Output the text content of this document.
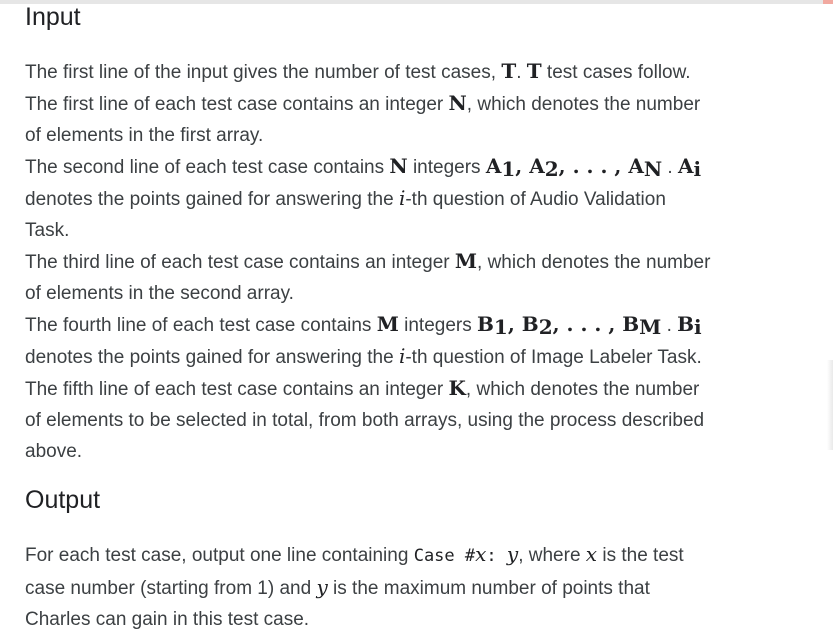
Input
The first line of the input gives the number of test cases, T. T test cases follow.
The first line of each test case contains an integer N, which denotes the number
of elements in the first array.
The second line of each test case contains N integers $A_1$, $A_2$, . . . , $A_N$ . $A_i$
denotes the points gained for answering the i-th question of Audio Validation
Task.
The third line of each test case contains an integer M, which denotes the number
of elements in the second array.
The fourth line of each test case contains M integers $B_1$, $B_2$, . . . , $B_M$ . $B_i$
denotes the points gained for answering the i-th question of Image Labeler Task.
The fifth line of each test case contains an integer K, which denotes the number
of elements to be selected in total, from both arrays, using the process described
above.
Output
For each test case, output one line containing Case #x: y, where x is the test
case number (starting from 1) and y is the maximum number of points that
Charles can gain in this test case.
